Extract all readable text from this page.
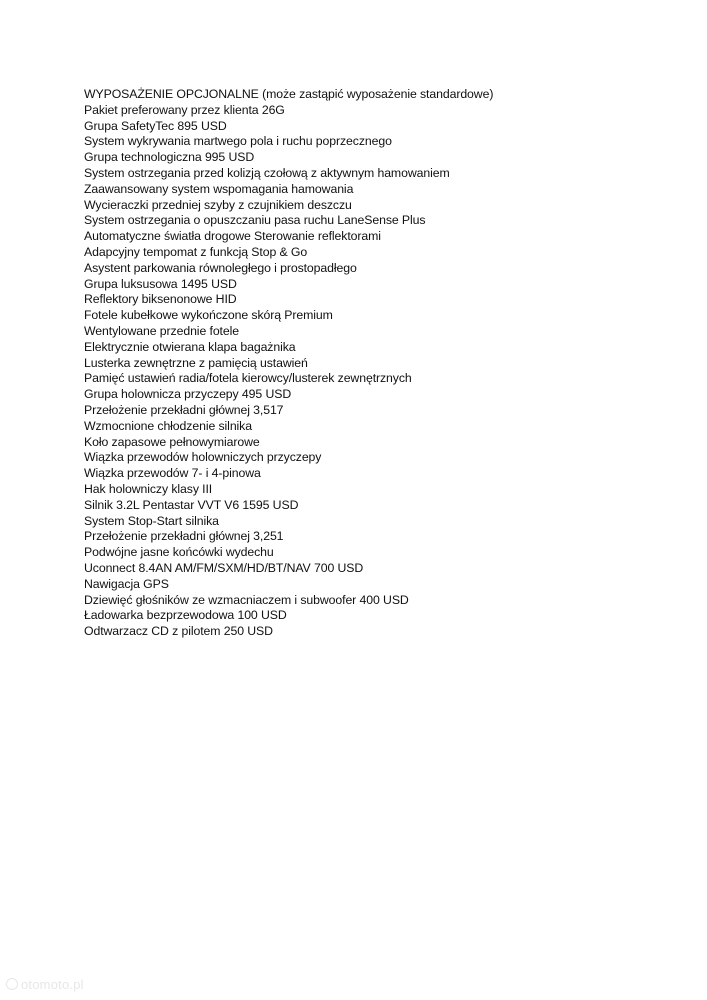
WYPOSAŻENIE OPCJONALNE (może zastąpić wyposażenie standardowe)

Pakiet preferowany przez klienta 26G

Grupa SafetyTec 895 USD

System wykrywania martwego pola i ruchu poprzecznego

Grupa technologiczna 995 USD

System ostrzegania przed kolizją czołową z aktywnym hamowaniem

Zaawansowany system wspomagania hamowania

Wycieraczki przedniej szyby z czujnikiem deszczu

System ostrzegania o opuszczaniu pasa ruchu LaneSense Plus

Automatyczne światła drogowe Sterowanie reflektorami

Adapcyjny tempomat z funkcją Stop & Go

Asystent parkowania równoległego i prostopadłego

Grupa luksusowa 1495 USD

Reflektory biksenonowe HID

Fotele kubełkowe wykończone skórą Premium

Wentylowane przednie fotele

Elektrycznie otwierana klapa bagażnika

Lusterka zewnętrzne z pamięcią ustawień

Pamięć ustawień radia/fotela kierowcy/lusterek zewnętrznych

Grupa holownicza przyczepy 495 USD

Przełożenie przekładni głównej 3,517

Wzmocnione chłodzenie silnika

Koło zapasowe pełnowymiarowe

Wiązka przewodów holowniczych przyczepy

Wiązka przewodów 7- i 4-pinowa

Hak holowniczy klasy III

Silnik 3.2L Pentastar VVT V6 1595 USD

System Stop-Start silnika

Przełożenie przekładni głównej 3,251

Podwójne jasne końcówki wydechu

Uconnect 8.4AN AM/FM/SXM/HD/BT/NAV 700 USD

Nawigacja GPS

Dziewięć głośników ze wzmacniaczem i subwoofer 400 USD

Ładowarka bezprzewodowa 100 USD

Odtwarzacz CD z pilotem 250 USD

otomoto.pl
